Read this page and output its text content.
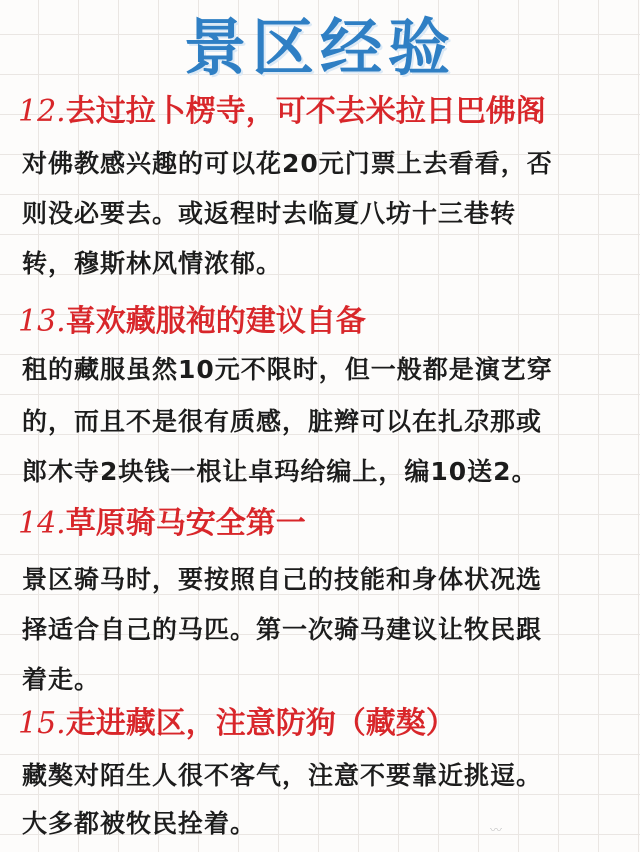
景区经验
12.去过拉卜楞寺，可不去米拉日巴佛阁
对佛教感兴趣的可以花20元门票上去看看，否
则没必要去。或返程时去临夏八坊十三巷转
转，穆斯林风情浓郁。
13.喜欢藏服袍的建议自备
租的藏服虽然10元不限时，但一般都是演艺穿
的，而且不是很有质感，脏辫可以在扎尕那或
郎木寺2块钱一根让卓玛给编上，编10送2。
14.草原骑马安全第一
景区骑马时，要按照自己的技能和身体状况选
择适合自己的马匹。第一次骑马建议让牧民跟
着走。
15.走进藏区，注意防狗（藏獒）
藏獒对陌生人很不客气，注意不要靠近挑逗。
大多都被牧民拴着。	〰
